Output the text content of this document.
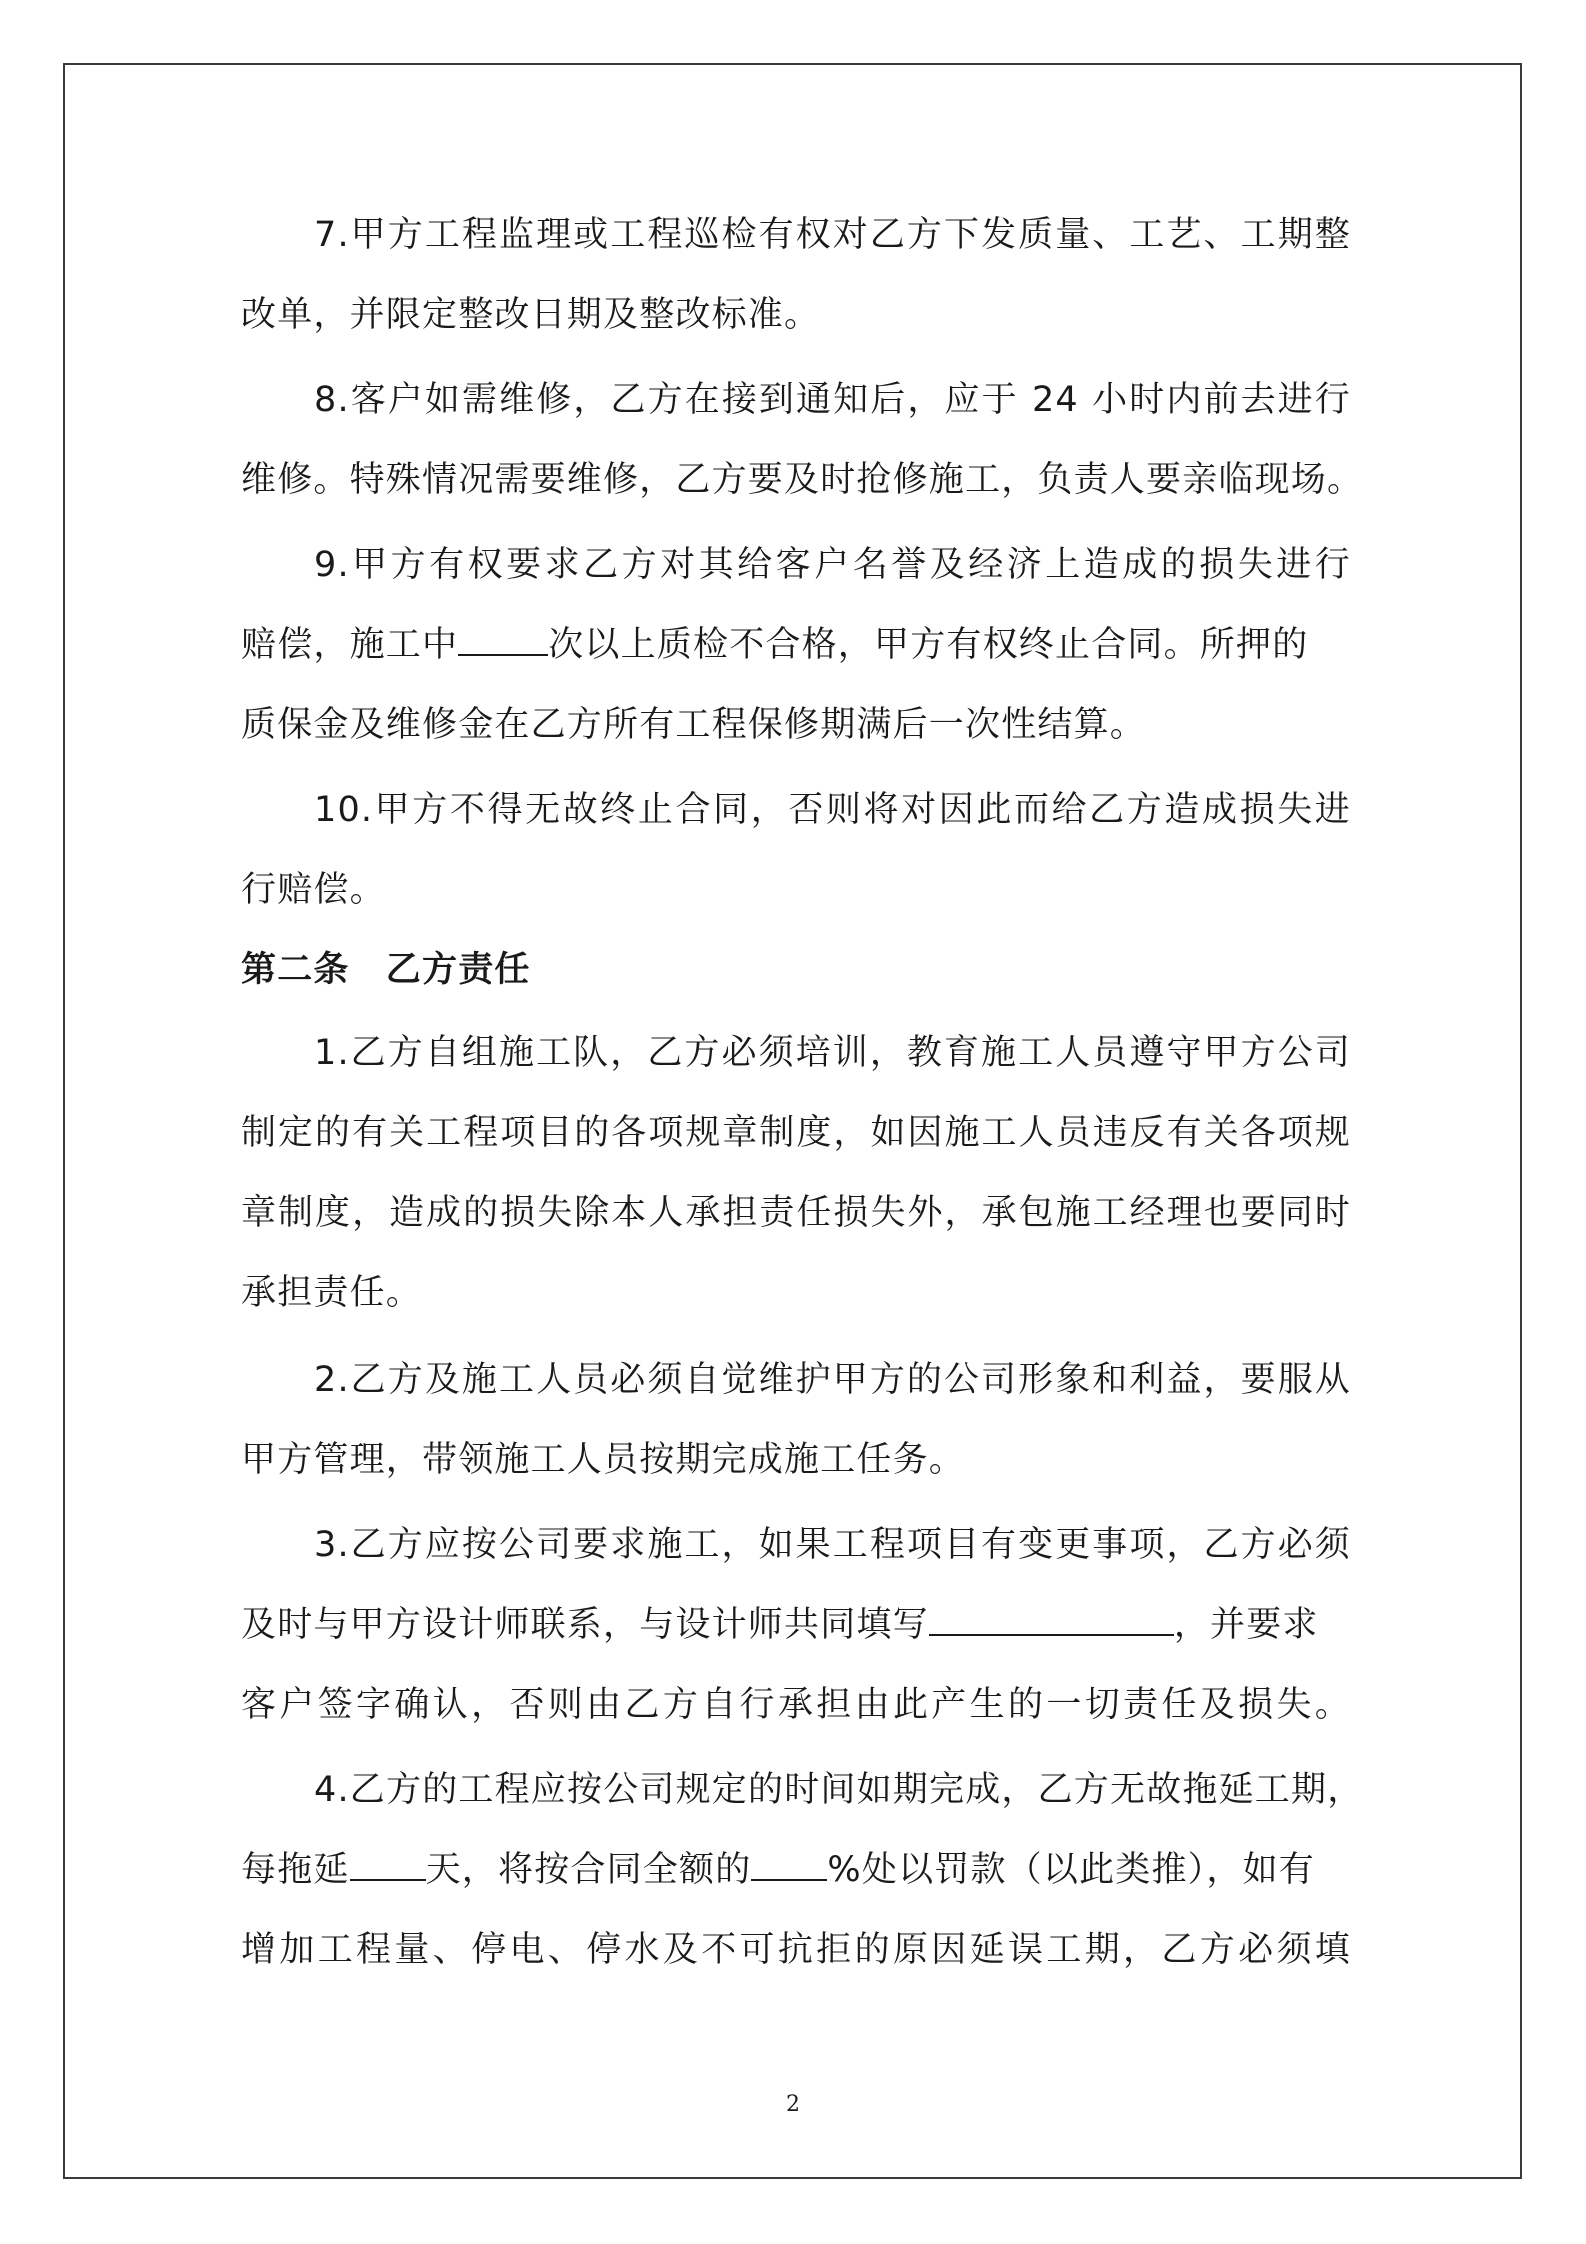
7.甲方工程监理或工程巡检有权对乙方下发质量、工艺、工期整
改单，并限定整改日期及整改标准。
8.客户如需维修，乙方在接到通知后，应于 24 小时内前去进行
维修。特殊情况需要维修，乙方要及时抢修施工，负责人要亲临现场。
9.甲方有权要求乙方对其给客户名誉及经济上造成的损失进行
赔偿，施工中	次以上质检不合格，甲方有权终止合同。所押的
质保金及维修金在乙方所有工程保修期满后一次性结算。
10.甲方不得无故终止合同，否则将对因此而给乙方造成损失进
行赔偿。
第二条　乙方责任
1.乙方自组施工队，乙方必须培训，教育施工人员遵守甲方公司
制定的有关工程项目的各项规章制度，如因施工人员违反有关各项规
章制度，造成的损失除本人承担责任损失外，承包施工经理也要同时
承担责任。
2.乙方及施工人员必须自觉维护甲方的公司形象和利益，要服从
甲方管理，带领施工人员按期完成施工任务。
3.乙方应按公司要求施工，如果工程项目有变更事项，乙方必须
及时与甲方设计师联系，与设计师共同填写	，并要求
客户签字确认，否则由乙方自行承担由此产生的一切责任及损失。
4.乙方的工程应按公司规定的时间如期完成，乙方无故拖延工期，
每拖延 天，将按合同全额的 %处以罚款（以此类推），如有
增加工程量、停电、停水及不可抗拒的原因延误工期，乙方必须填
2
